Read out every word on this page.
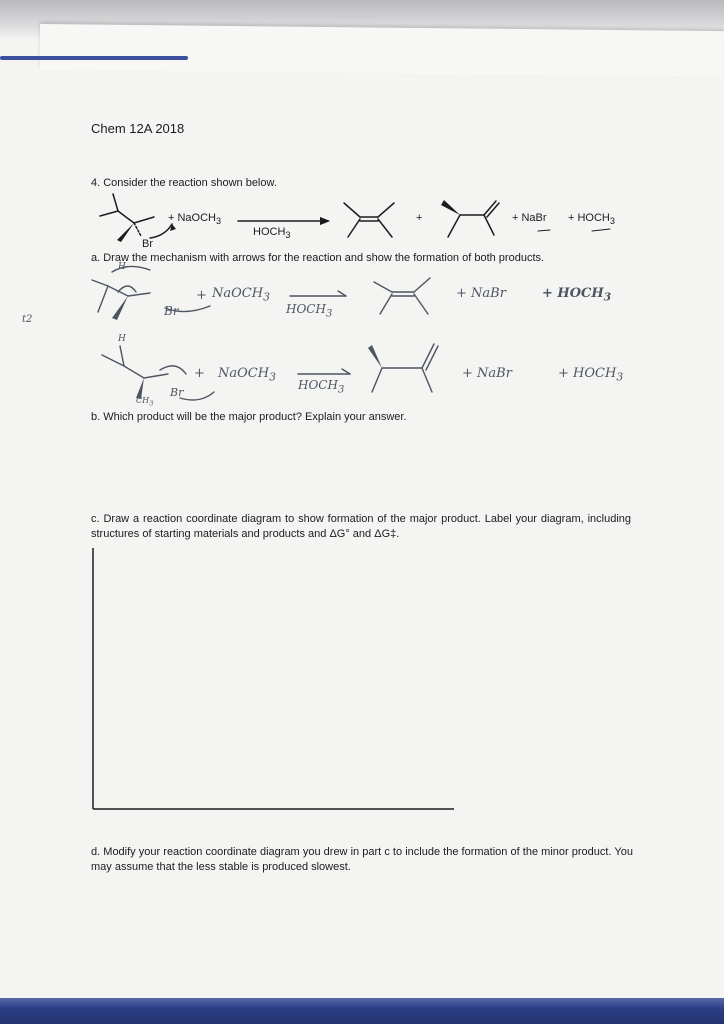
Chem 12A 2018
4. Consider the reaction shown below.
+ NaOCH$_3$
$HOCH_3$
Br
+	+ NaBr + $HOCH_3$
a. Draw the mechanism with arrows for the reaction and show the formation of both products.
H
+ NaOCH$_3$
Br	$HOCH_3$
+ NaBr	+ $HOCH_3$
H
+ NaOCH$_3$
Br
$CH_3$
$HOCH_3$
+ NaBr	+ $HOCH_3$
t2
b. Which product will be the major product? Explain your answer.
c. Draw a reaction coordinate diagram to show formation of the major product. Label your diagram, including structures of starting materials and products and ΔG° and ΔG‡.
d. Modify your reaction coordinate diagram you drew in part c to include the formation of the minor product. You may assume that the less stable is produced slowest.
